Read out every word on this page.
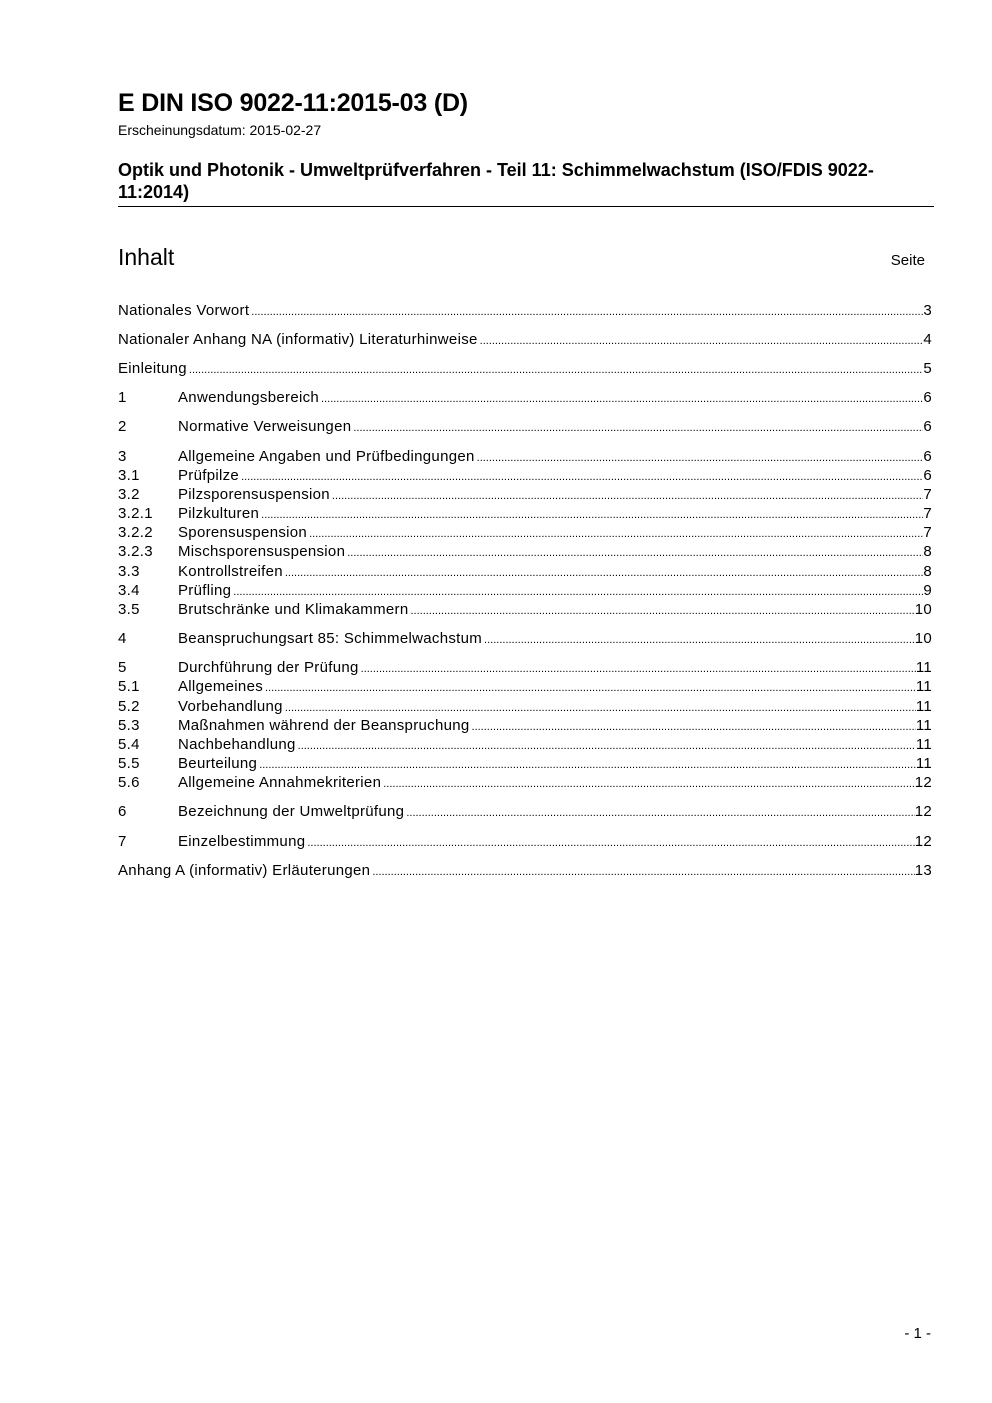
E DIN ISO 9022-11:2015-03 (D)
Erscheinungsdatum: 2015-02-27
Optik und Photonik - Umweltprüfverfahren - Teil 11: Schimmelwachstum (ISO/FDIS 9022-11:2014)
Inhalt	Seite
Nationales Vorwort .....	3
Nationaler Anhang NA (informativ) Literaturhinweise .....	4
Einleitung .....	5
1	Anwendungsbereich .....	6
2	Normative Verweisungen .....	6
3	Allgemeine Angaben und Prüfbedingungen .....	6
3.1	Prüfpilze .....	6
3.2	Pilzsporensuspension .....	7
3.2.1	Pilzkulturen .....	7
3.2.2	Sporensuspension .....	7
3.2.3	Mischsporensuspension .....	8
3.3	Kontrollstreifen .....	8
3.4	Prüfling .....	9
3.5	Brutschränke und Klimakammern .....	10
4	Beanspruchungsart 85: Schimmelwachstum .....	10
5	Durchführung der Prüfung .....	11
5.1	Allgemeines .....	11
5.2	Vorbehandlung .....	11
5.3	Maßnahmen während der Beanspruchung .....	11
5.4	Nachbehandlung .....	11
5.5	Beurteilung .....	11
5.6	Allgemeine Annahmekriterien .....	12
6	Bezeichnung der Umweltprüfung .....	12
7	Einzelbestimmung .....	12
Anhang A (informativ) Erläuterungen .....	13
- 1 -
